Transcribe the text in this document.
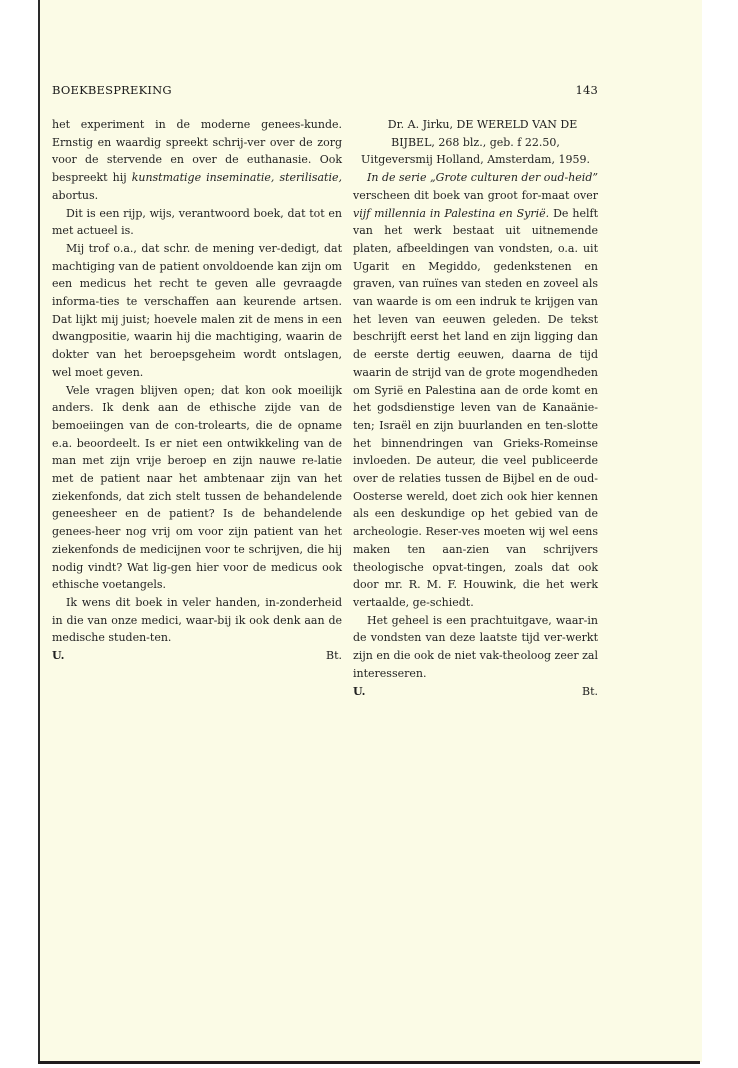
BOEKBESPREKING	143

het experiment in de moderne genees-kunde. Ernstig en waardig spreekt schrij-ver over de zorg voor de stervende en over de euthanasie. Ook bespreekt hij kunstmatige inseminatie, sterilisatie, abortus.

Dit is een rijp, wijs, verantwoord boek, dat tot en met actueel is.

Mij trof o.a., dat schr. de mening ver-dedigt, dat machtiging van de patient onvoldoende kan zijn om een medicus het recht te geven alle gevraagde informa-ties te verschaffen aan keurende artsen. Dat lijkt mij juist; hoevele malen zit de mens in een dwangpositie, waarin hij die machtiging, waarin de dokter van het beroepsgeheim wordt ontslagen, wel moet geven.

Vele vragen blijven open; dat kon ook moeilijk anders. Ik denk aan de ethische zijde van de bemoeiingen van de con-trolearts, die de opname e.a. beoordeelt. Is er niet een ontwikkeling van de man met zijn vrije beroep en zijn nauwe re-latie met de patient naar het ambtenaar zijn van het ziekenfonds, dat zich stelt tussen de behandelende geneesheer en de patient? Is de behandelende genees-heer nog vrij om voor zijn patient van het ziekenfonds de medicijnen voor te schrijven, die hij nodig vindt? Wat lig-gen hier voor de medicus ook ethische voetangels.

Ik wens dit boek in veler handen, in-zonderheid in die van onze medici, waar-bij ik ook denk aan de medische studen-ten.

U.	Bt.

Dr. A. Jirku, DE WERELD VAN DE BIJBEL, 268 blz., geb. f 22.50, Uitgeversmij Holland, Amsterdam, 1959.

In de serie „Grote culturen der oud-heid” verscheen dit boek van groot for-maat over vijf millennia in Palestina en Syrië. De helft van het werk bestaat uit uitnemende platen, afbeeldingen van vondsten, o.a. uit Ugarit en Megiddo, gedenkstenen en graven, van ruïnes van steden en zoveel als van waarde is om een indruk te krijgen van het leven van eeuwen geleden. De tekst beschrijft eerst het land en zijn ligging dan de eerste dertig eeuwen, daarna de tijd waarin de strijd van de grote mogendheden om Syrië en Palestina aan de orde komt en het godsdienstige leven van de Kanaänie-ten; Israël en zijn buurlanden en ten-slotte het binnendringen van Grieks-Romeinse invloeden. De auteur, die veel publiceerde over de relaties tussen de Bijbel en de oud-Oosterse wereld, doet zich ook hier kennen als een deskundige op het gebied van de archeologie. Reser-ves moeten wij wel eens maken ten aan-zien van schrijvers theologische opvat-tingen, zoals dat ook door mr. R. M. F. Houwink, die het werk vertaalde, ge-schiedt.

Het geheel is een prachtuitgave, waar-in de vondsten van deze laatste tijd ver-werkt zijn en die ook de niet vak-theoloog zeer zal interesseren.

U.	Bt.
